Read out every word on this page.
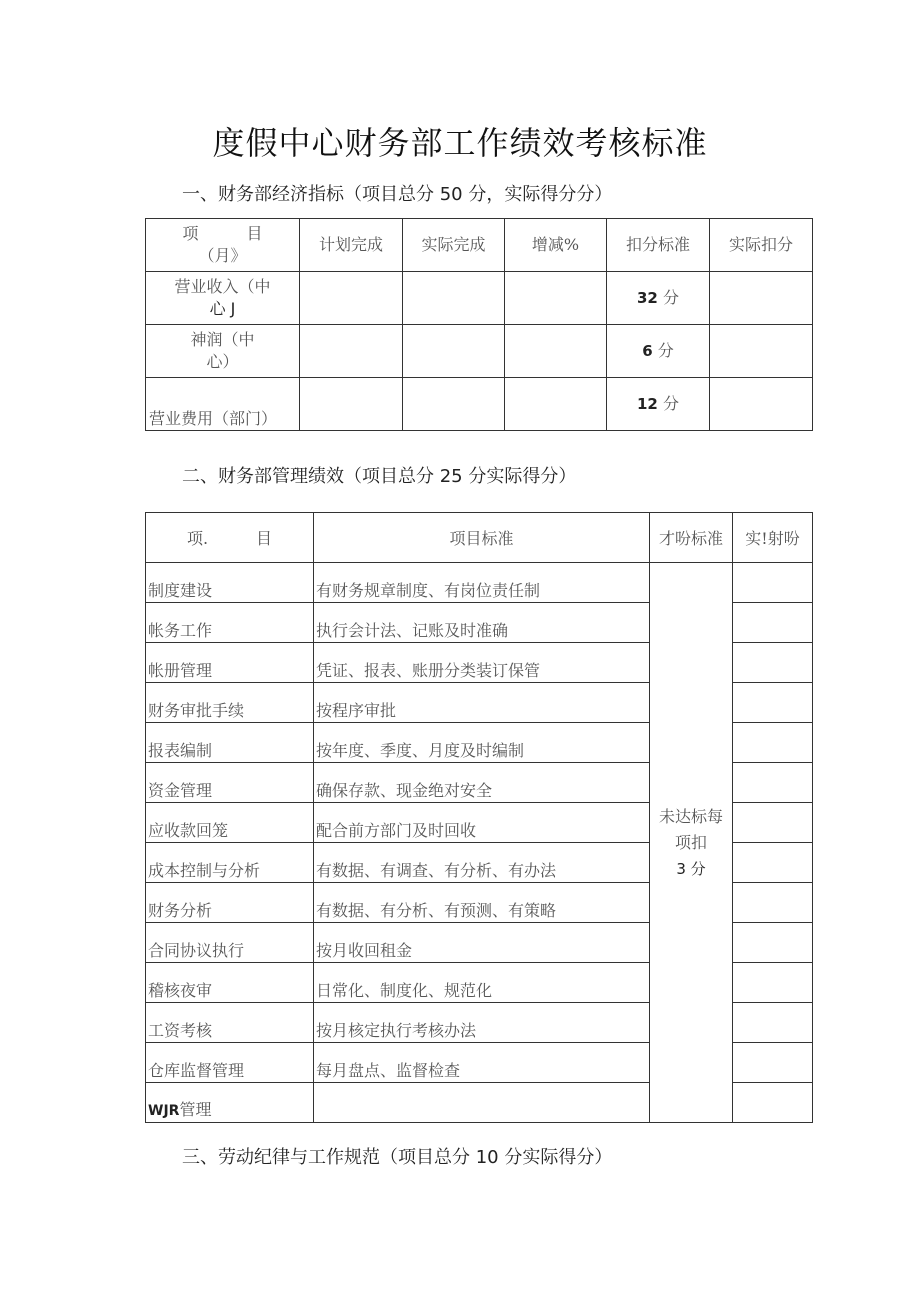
度假中心财务部工作绩效考核标准
一、财务部经济指标（项目总分 50 分，实际得分分）
项　　　目
（月》	计划完成	实际完成	增减%	扣分标准	实际扣分

营业收入（中
心 J				32 分	

神润（中
心）				6 分	
营业费用（部门）				12 分	
二、财务部管理绩效（项目总分 25 分实际得分）
项.　　　目	项目标准	才吩标准	实!射吩
制度建设	有财务规章制度、有岗位责任制	未达标每
项扣
3 分	

帐务工作	执行会计法、记账及时准确		
帐册管理	凭证、报表、账册分类装订保管		
财务审批手续	按程序审批		
报表编制	按年度、季度、月度及时编制		
资金管理	确保存款、现金绝对安全		
应收款回笼	配合前方部门及时回收		
成本控制与分析	有数据、有调查、有分析、有办法		
财务分析	有数据、有分析、有预测、有策略		
合同协议执行	按月收回租金		
稽核夜审	日常化、制度化、规范化		
工资考核	按月核定执行考核办法		
仓库监督管理	每月盘点、监督检查		
WJR管理			
三、劳动纪律与工作规范（项目总分 10 分实际得分）
